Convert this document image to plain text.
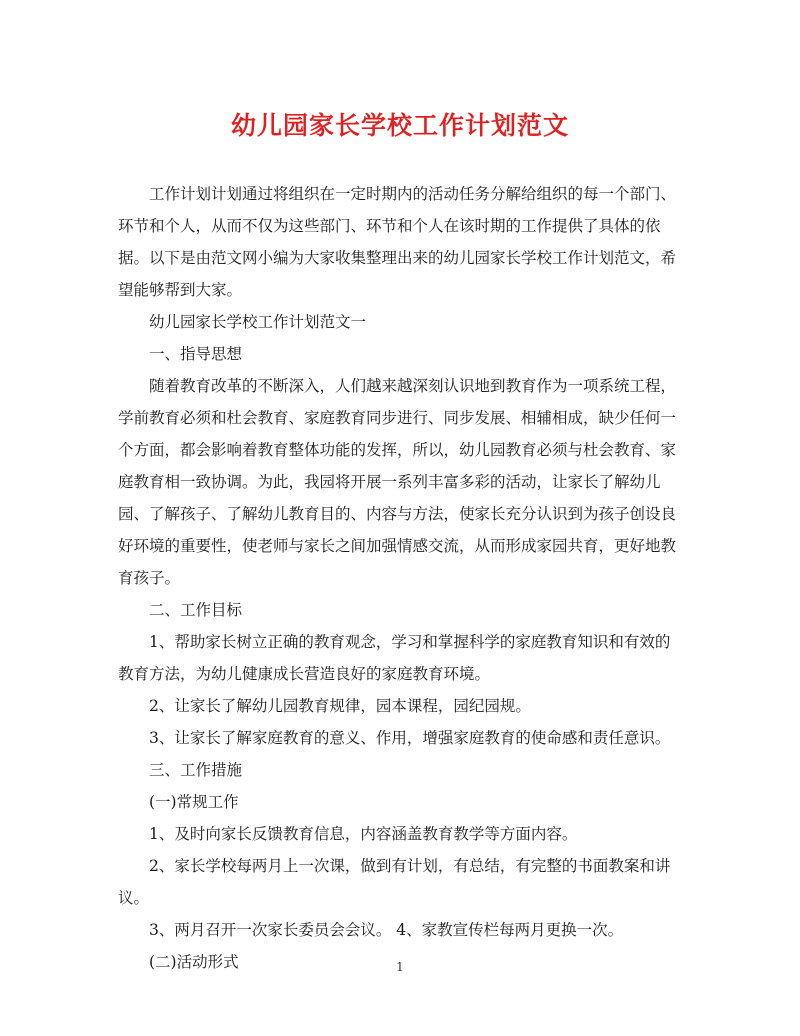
幼儿园家长学校工作计划范文

工作计划计划通过将组织在一定时期内的活动任务分解给组织的每一个部门、环节和个人，从而不仅为这些部门、环节和个人在该时期的工作提供了具体的依据。以下是由范文网小编为大家收集整理出来的幼儿园家长学校工作计划范文，希望能够帮到大家。

幼儿园家长学校工作计划范文一

一、指导思想

随着教育改革的不断深入，人们越来越深刻认识地到教育作为一项系统工程，学前教育必须和杜会教育、家庭教育同步进行、同步发展、相辅相成，缺少任何一个方面，都会影响着教育整体功能的发挥，所以，幼儿园教育必须与杜会教育、家庭教育相一致协调。为此，我园将开展一系列丰富多彩的活动，让家长了解幼儿园、了解孩子、了解幼儿教育目的、内容与方法，使家长充分认识到为孩子创设良好环境的重要性，使老师与家长之间加强情感交流，从而形成家园共育，更好地教育孩子。

二、工作目标

1、帮助家长树立正确的教育观念，学习和掌握科学的家庭教育知识和有效的教育方法，为幼儿健康成长营造良好的家庭教育环境。

2、让家长了解幼儿园教育规律，园本课程，园纪园规。

3、让家长了解家庭教育的意义、作用，增强家庭教育的使命感和责任意识。

三、工作措施

(一)常规工作

1、及时向家长反馈教育信息，内容涵盖教育教学等方面内容。

2、家长学校每两月上一次课，做到有计划，有总结，有完整的书面教案和讲议。

3、两月召开一次家长委员会会议。 4、家教宣传栏每两月更换一次。

(二)活动形式	1
